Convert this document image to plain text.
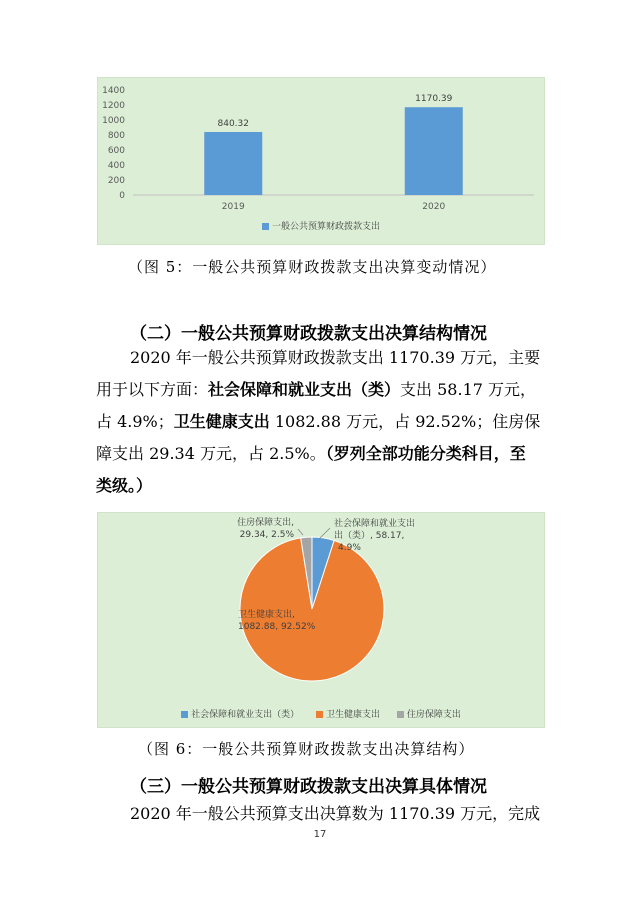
0
200
400
600
800
1000
1200
1400
840.32
2019
1170.39
2020
一般公共预算财政拨款支出
（图 5：一般公共预算财政拨款支出决算变动情况）
（二）一般公共预算财政拨款支出决算结构情况
2020 年一般公共预算财政拨款支出 1170.39 万元，主要
用于以下方面：社会保障和就业支出（类）支出 58.17 万元，
占 4.9%；卫生健康支出 1082.88 万元，占 92.52%；住房保
障支出 29.34 万元，占 2.5%。（罗列全部功能分类科目，至
类级。）
社会保障和就业支出
出（类）, 58.17,
4.9%
卫生健康支出,
1082.88, 92.52%
住房保障支出,
29.34, 2.5%
社会保障和就业支出（类）	卫生健康支出	住房保障支出
（图 6：一般公共预算财政拨款支出决算结构）
（三）一般公共预算财政拨款支出决算具体情况
2020 年一般公共预算支出决算数为 1170.39 万元，完成
17
